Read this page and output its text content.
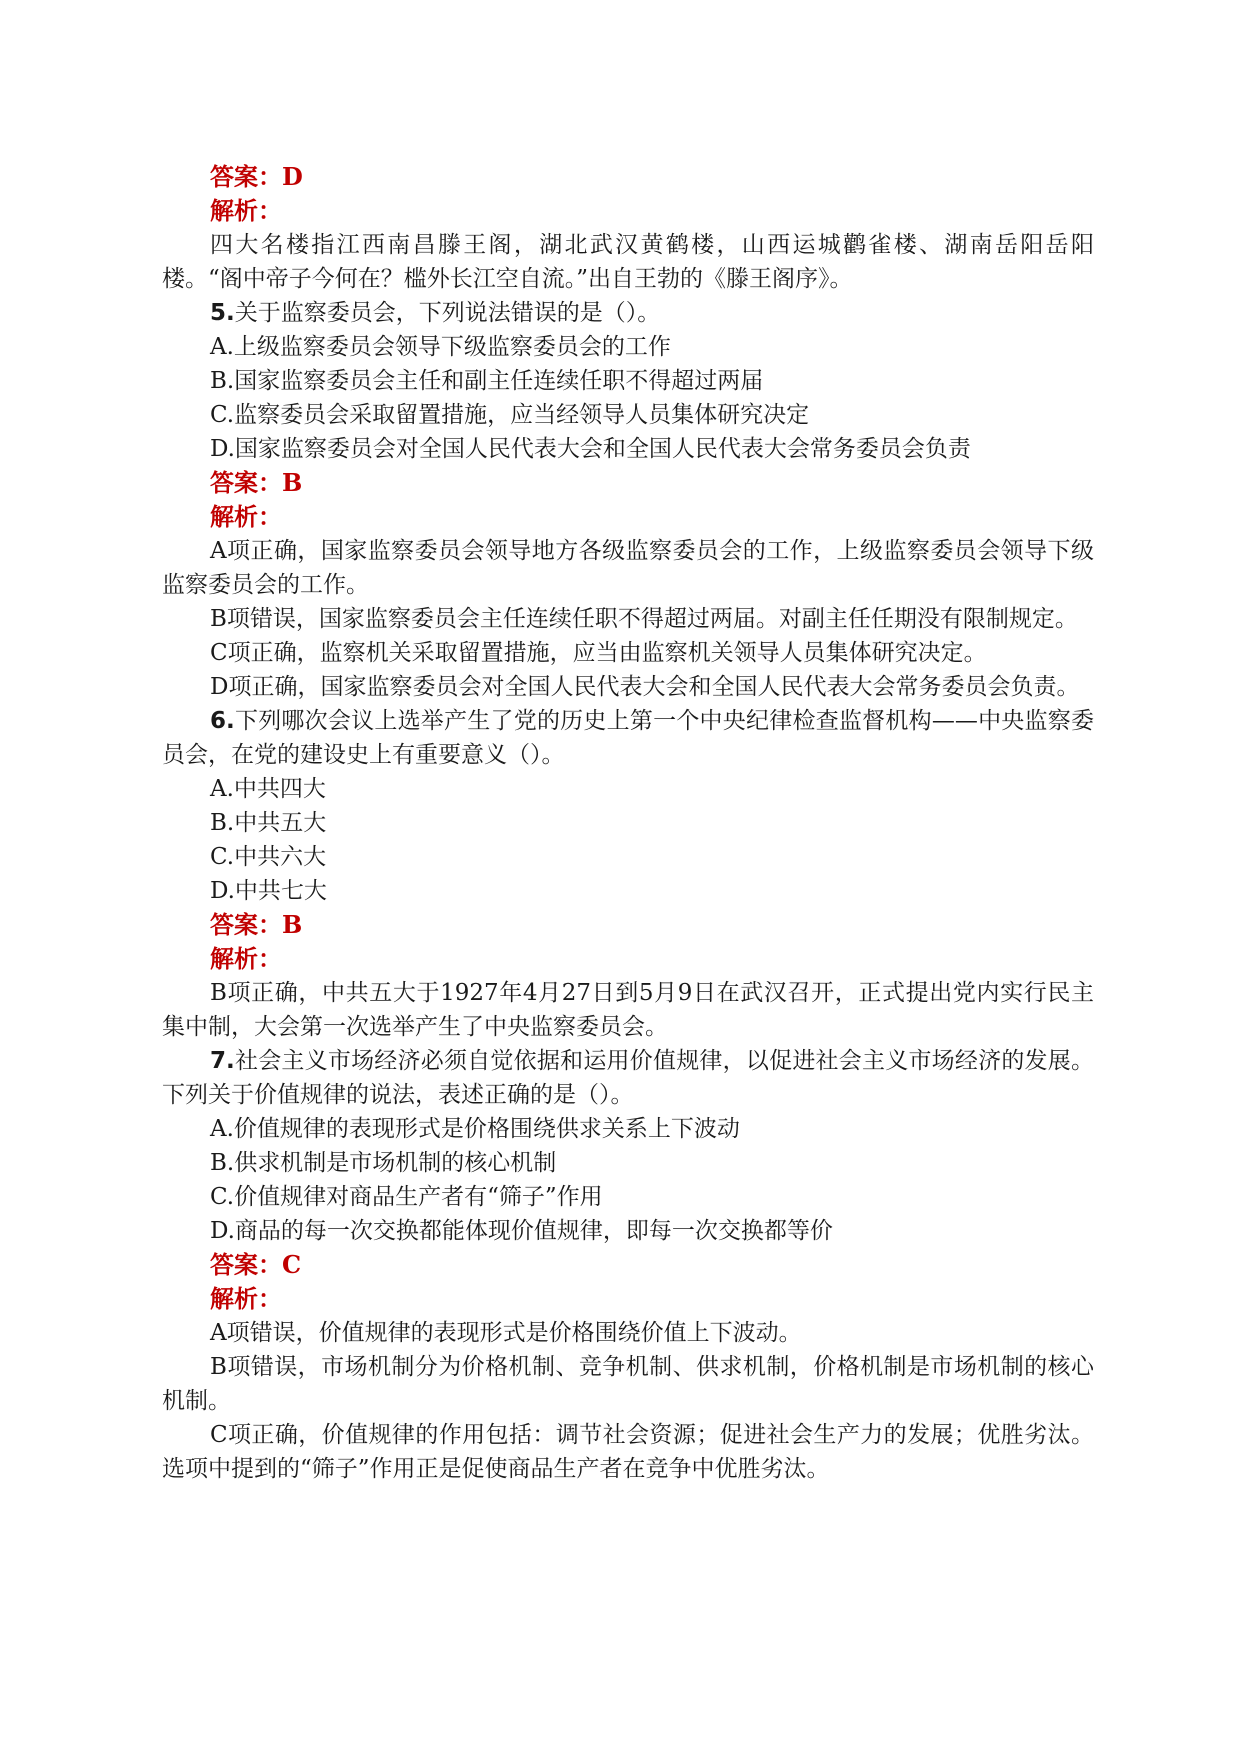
答案：D
解析：
四大名楼指江西南昌滕王阁，湖北武汉黄鹤楼，山西运城鹳雀楼、湖南岳阳岳阳楼。“阁中帝子今何在？槛外长江空自流。”出自王勃的《滕王阁序》。
5.关于监察委员会，下列说法错误的是（）。
A.上级监察委员会领导下级监察委员会的工作
B.国家监察委员会主任和副主任连续任职不得超过两届
C.监察委员会采取留置措施，应当经领导人员集体研究决定
D.国家监察委员会对全国人民代表大会和全国人民代表大会常务委员会负责
答案：B
解析：
A项正确，国家监察委员会领导地方各级监察委员会的工作，上级监察委员会领导下级监察委员会的工作。
B项错误，国家监察委员会主任连续任职不得超过两届。对副主任任期没有限制规定。
C项正确，监察机关采取留置措施，应当由监察机关领导人员集体研究决定。
D项正确，国家监察委员会对全国人民代表大会和全国人民代表大会常务委员会负责。
6.下列哪次会议上选举产生了党的历史上第一个中央纪律检查监督机构——中央监察委员会，在党的建设史上有重要意义（）。
A.中共四大
B.中共五大
C.中共六大
D.中共七大
答案：B
解析：
B项正确，中共五大于1927年4月27日到5月9日在武汉召开，正式提出党内实行民主集中制，大会第一次选举产生了中央监察委员会。
7.社会主义市场经济必须自觉依据和运用价值规律，以促进社会主义市场经济的发展。下列关于价值规律的说法，表述正确的是（）。
A.价值规律的表现形式是价格围绕供求关系上下波动
B.供求机制是市场机制的核心机制
C.价值规律对商品生产者有“筛子”作用
D.商品的每一次交换都能体现价值规律，即每一次交换都等价
答案：C
解析：
A项错误，价值规律的表现形式是价格围绕价值上下波动。
B项错误，市场机制分为价格机制、竞争机制、供求机制，价格机制是市场机制的核心机制。
C项正确，价值规律的作用包括：调节社会资源；促进社会生产力的发展；优胜劣汰。选项中提到的“筛子”作用正是促使商品生产者在竞争中优胜劣汰。
